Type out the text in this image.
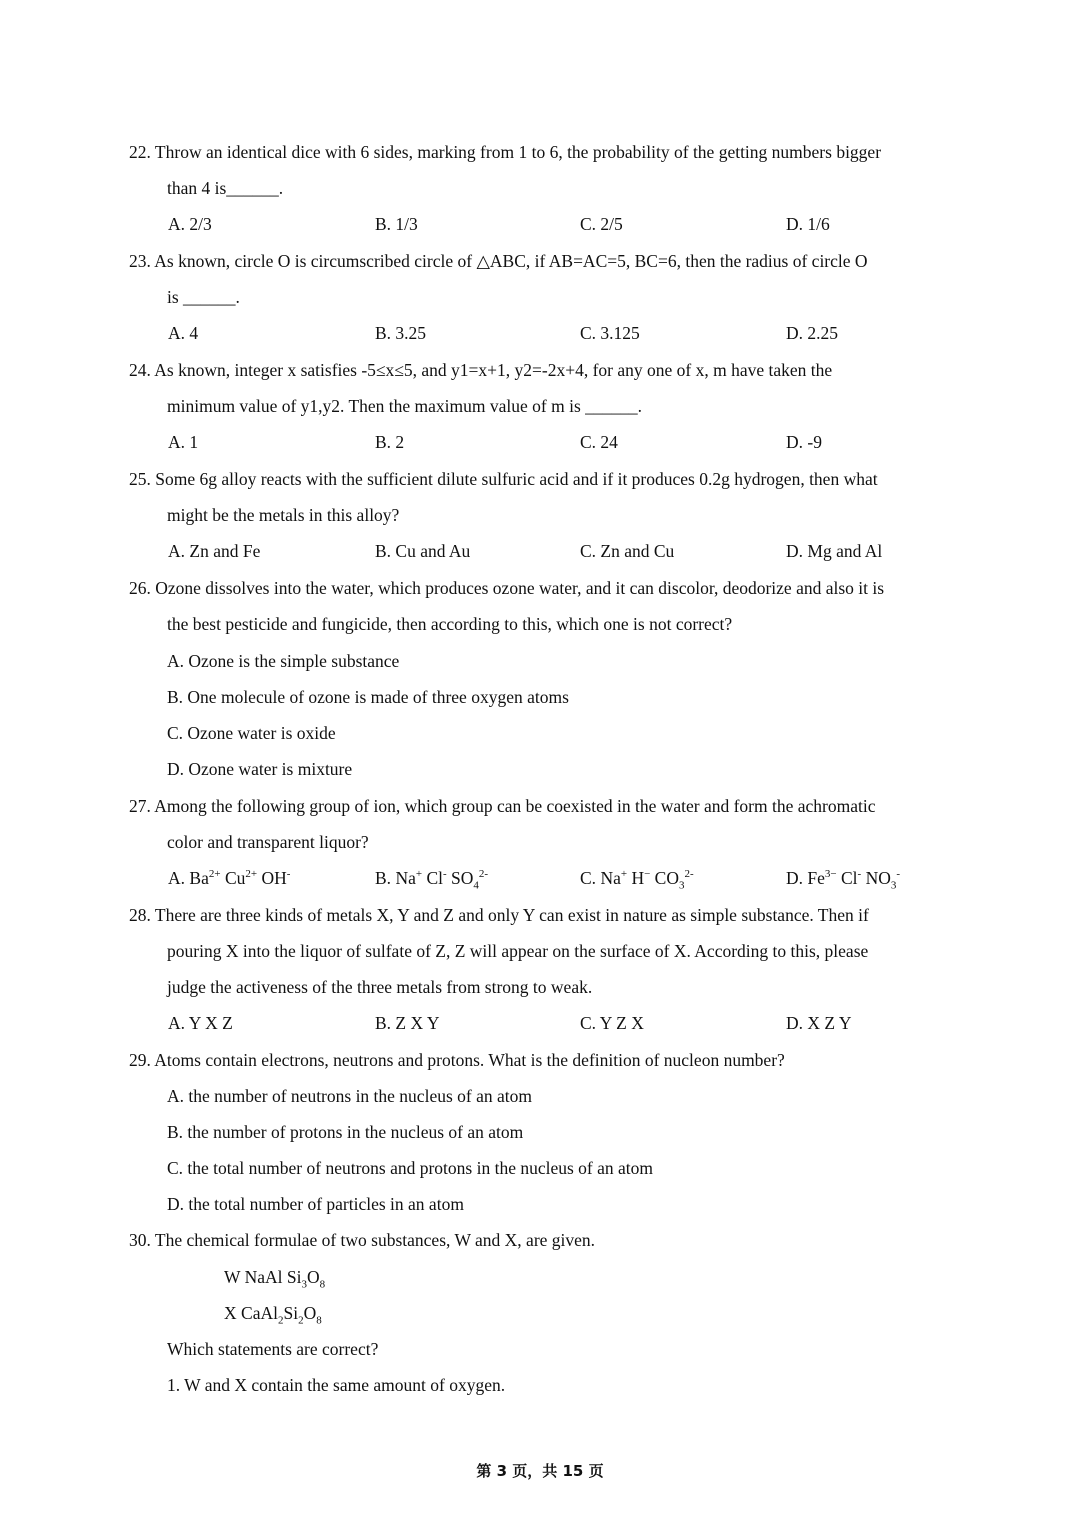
22. Throw an identical dice with 6 sides, marking from 1 to 6, the probability of the getting numbers bigger
than 4 is______.
A. 2/3	B. 1/3	C. 2/5	D. 1/6
23. As known, circle O is circumscribed circle of △ABC, if AB=AC=5, BC=6, then the radius of circle O
is ______.
A. 4	B. 3.25	C. 3.125	D. 2.25
24. As known, integer x satisfies -5≤x≤5, and y1=x+1, y2=-2x+4, for any one of x, m have taken the
minimum value of y1,y2. Then the maximum value of m is ______.
A. 1	B. 2	C. 24	D. -9
25. Some 6g alloy reacts with the sufficient dilute sulfuric acid and if it produces 0.2g hydrogen, then what
might be the metals in this alloy?
A. Zn and Fe	B. Cu and Au	C. Zn and Cu	D. Mg and Al
26. Ozone dissolves into the water, which produces ozone water, and it can discolor, deodorize and also it is
the best pesticide and fungicide, then according to this, which one is not correct?
A. Ozone is the simple substance
B. One molecule of ozone is made of three oxygen atoms
C. Ozone water is oxide
D. Ozone water is mixture
27. Among the following group of ion, which group can be coexisted in the water and form the achromatic
color and transparent liquor?
A. $Ba^{2+}$ $Cu^{2+}$ OH-	B. Na+ Cl- $SO_4^{2-}$	C. Na+ H− $CO_3^{2-}$	D. $Fe^{3-}$ Cl- $NO_3^-$
28. There are three kinds of metals X, Y and Z and only Y can exist in nature as simple substance. Then if
pouring X into the liquor of sulfate of Z, Z will appear on the surface of X. According to this, please
judge the activeness of the three metals from strong to weak.
A. Y X Z	B. Z X Y	C. Y Z X	D. X Z Y
29. Atoms contain electrons, neutrons and protons. What is the definition of nucleon number?
A. the number of neutrons in the nucleus of an atom
B. the number of protons in the nucleus of an atom
C. the total number of neutrons and protons in the nucleus of an atom
D. the total number of particles in an atom
30. The chemical formulae of two substances, W and X, are given.
W NaAl $Si_3O_8$
X $CaAl_2Si_2O_8$
Which statements are correct?
1. W and X contain the same amount of oxygen.
第 3 页，共 15 页
